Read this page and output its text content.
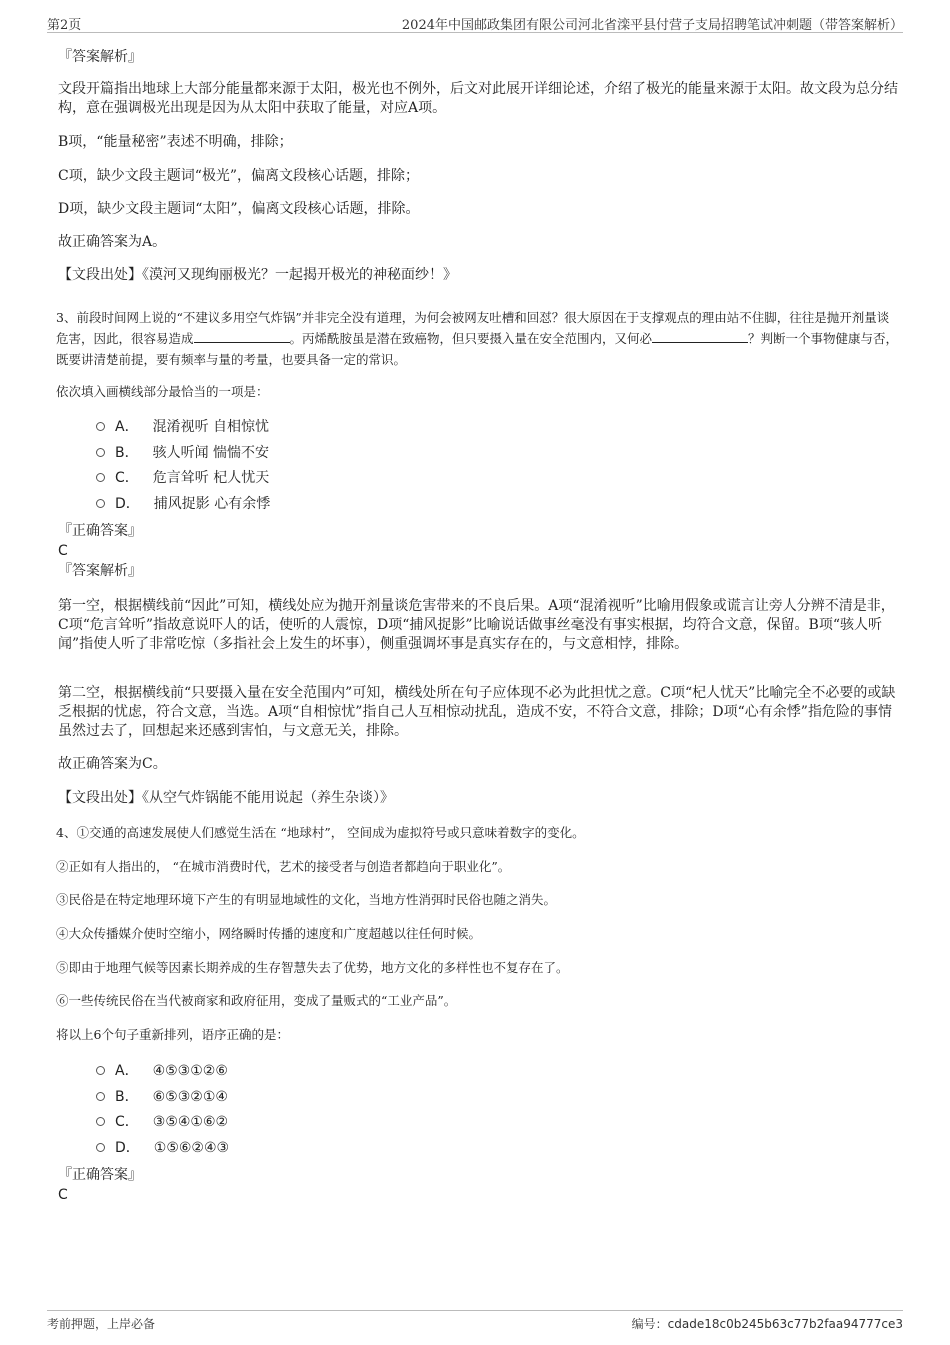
第2页	2024年中国邮政集团有限公司河北省滦平县付营子支局招聘笔试冲刺题（带答案解析）
『答案解析』
文段开篇指出地球上大部分能量都来源于太阳，极光也不例外，后文对此展开详细论述，介绍了极光的能量来源于太阳。故文段为总分结构，意在强调极光出现是因为从太阳中获取了能量，对应A项。
B项，“能量秘密”表述不明确，排除；
C项，缺少文段主题词“极光”，偏离文段核心话题，排除；
D项，缺少文段主题词“太阳”，偏离文段核心话题，排除。
故正确答案为A。
【文段出处】《漠河又现绚丽极光？一起揭开极光的神秘面纱！》
3、前段时间网上说的“不建议多用空气炸锅”并非完全没有道理，为何会被网友吐槽和回怼？很大原因在于支撑观点的理由站不住脚，往往是抛开剂量谈危害，因此，很容易造成	。丙烯酰胺虽是潜在致癌物，但只要摄入量在安全范围内，又何必	？判断一个事物健康与否，既要讲清楚前提，要有频率与量的考量，也要具备一定的常识。
依次填入画横线部分最恰当的一项是：
A． 混淆视听 自相惊忧
B． 骇人听闻 惴惴不安
C． 危言耸听 杞人忧天
D． 捕风捉影 心有余悸
『正确答案』
C
『答案解析』
第一空，根据横线前“因此”可知，横线处应为抛开剂量谈危害带来的不良后果。A项“混淆视听”比喻用假象或谎言让旁人分辨不清是非，C项“危言耸听”指故意说吓人的话，使听的人震惊，D项“捕风捉影”比喻说话做事丝毫没有事实根据，均符合文意，保留。B项“骇人听闻”指使人听了非常吃惊（多指社会上发生的坏事），侧重强调坏事是真实存在的，与文意相悖，排除。
第二空，根据横线前“只要摄入量在安全范围内”可知，横线处所在句子应体现不必为此担忧之意。C项“杞人忧天”比喻完全不必要的或缺乏根据的忧虑，符合文意，当选。A项“自相惊忧”指自己人互相惊动扰乱，造成不安，不符合文意，排除；D项“心有余悸”指危险的事情虽然过去了，回想起来还感到害怕，与文意无关，排除。
故正确答案为C。
【文段出处】《从空气炸锅能不能用说起（养生杂谈）》
4、①交通的高速发展使人们感觉生活在 “地球村”， 空间成为虚拟符号或只意味着数字的变化。
②正如有人指出的， “在城市消费时代，艺术的接受者与创造者都趋向于职业化”。
③民俗是在特定地理环境下产生的有明显地域性的文化，当地方性消弭时民俗也随之消失。
④大众传播媒介使时空缩小，网络瞬时传播的速度和广度超越以往任何时候。
⑤即由于地理气候等因素长期养成的生存智慧失去了优势，地方文化的多样性也不复存在了。
⑥一些传统民俗在当代被商家和政府征用，变成了量贩式的“工业产品”。
将以上6个句子重新排列，语序正确的是：
A． ④⑤③①②⑥
B． ⑥⑤③②①④
C． ③⑤④①⑥②
D． ①⑤⑥②④③
『正确答案』
C
考前押题，上岸必备	编号：cdade18c0b245b63c77b2faa94777ce3
